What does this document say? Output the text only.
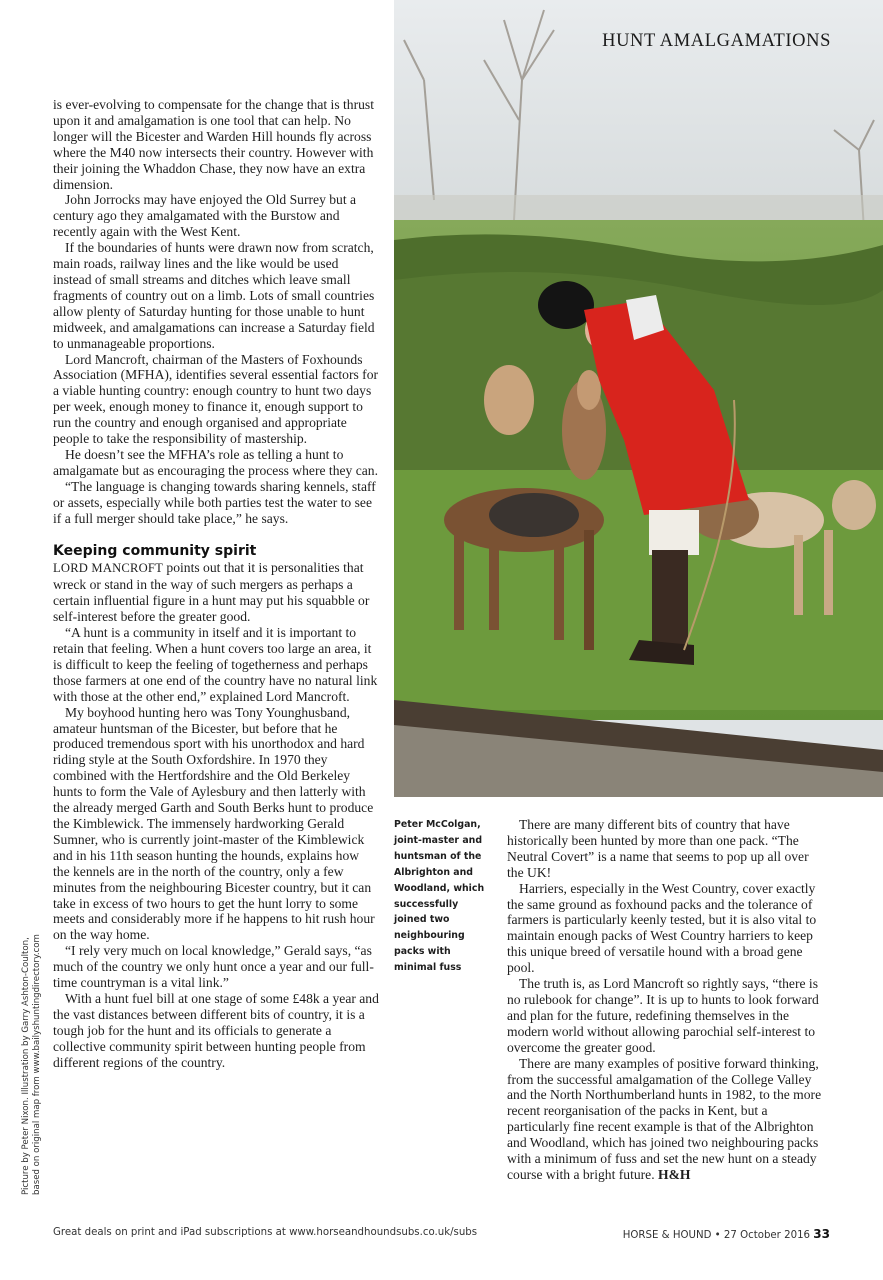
HUNT AMALGAMATIONS

is ever-evolving to compensate for the change that is thrust upon it and amalgamation is one tool that can help. No longer will the Bicester and Warden Hill hounds fly across where the M40 now intersects their country. However with their joining the Whaddon Chase, they now have an extra dimension.

John Jorrocks may have enjoyed the Old Surrey but a century ago they amalgamated with the Burstow and recently again with the West Kent.

If the boundaries of hunts were drawn now from scratch, main roads, railway lines and the like would be used instead of small streams and ditches which leave small fragments of country out on a limb. Lots of small countries allow plenty of Saturday hunting for those unable to hunt midweek, and amalgamations can increase a Saturday field to unmanageable proportions.

Lord Mancroft, chairman of the Masters of Foxhounds Association (MFHA), identifies several essential factors for a viable hunting country: enough country to hunt two days per week, enough money to finance it, enough support to run the country and enough organised and appropriate people to take the responsibility of mastership.

He doesn’t see the MFHA’s role as telling a hunt to amalgamate but as encouraging the process where they can.

“The language is changing towards sharing kennels, staff or assets, especially while both parties test the water to see if a full merger should take place,” he says.

Keeping community spirit

LORD MANCROFT points out that it is personalities that wreck or stand in the way of such mergers as perhaps a certain influential figure in a hunt may put his squabble or self-interest before the greater good.

“A hunt is a community in itself and it is important to retain that feeling. When a hunt covers too large an area, it is difficult to keep the feeling of togetherness and perhaps those farmers at one end of the country have no natural link with those at the other end,” explained Lord Mancroft.

My boyhood hunting hero was Tony Younghusband, amateur huntsman of the Bicester, but before that he produced tremendous sport with his unorthodox and hard riding style at the South Oxfordshire. In 1970 they combined with the Hertfordshire and the Old Berkeley hunts to form the Vale of Aylesbury and then latterly with the already merged Garth and South Berks hunt to produce the Kimblewick. The immensely hardworking Gerald Sumner, who is currently joint-master of the Kimblewick and in his 11th season hunting the hounds, explains how the kennels are in the north of the country, only a few minutes from the neighbouring Bicester country, but it can take in excess of two hours to get the hunt lorry to some meets and considerably more if he happens to hit rush hour on the way home.

“I rely very much on local knowledge,” Gerald says, “as much of the country we only hunt once a year and our full-time countryman is a vital link.”

With a hunt fuel bill at one stage of some £48k a year and the vast distances between different bits of country, it is a tough job for the hunt and its officials to generate a collective community spirit between hunting people from different regions of the country.

Peter McColgan, joint-master and huntsman of the Albrighton and Woodland, which successfully joined two neighbouring packs with minimal fuss

There are many different bits of country that have historically been hunted by more than one pack. “The Neutral Covert” is a name that seems to pop up all over the UK!

Harriers, especially in the West Country, cover exactly the same ground as foxhound packs and the tolerance of farmers is particularly keenly tested, but it is also vital to maintain enough packs of West Country harriers to keep this unique breed of versatile hound with a broad gene pool.

The truth is, as Lord Mancroft so rightly says, “there is no rulebook for change”. It is up to hunts to look forward and plan for the future, redefining themselves in the modern world without allowing parochial self-interest to overcome the greater good.

There are many examples of positive forward thinking, from the successful amalgamation of the College Valley and the North Northumberland hunts in 1982, to the more recent reorganisation of the packs in Kent, but a particularly fine recent example is that of the Albrighton and Woodland, which has joined two neighbouring packs with a minimum of fuss and set the new hunt on a steady course with a bright future. H&H

Picture by Peter Nixon. Illustration by Garry Ashton-Coulton, based on original map from www.bailyshuntingdirectory.com
Great deals on print and iPad subscriptions at www.horseandhoundsubs.co.uk/subs	HORSE & HOUND • 27 October 2016 33
